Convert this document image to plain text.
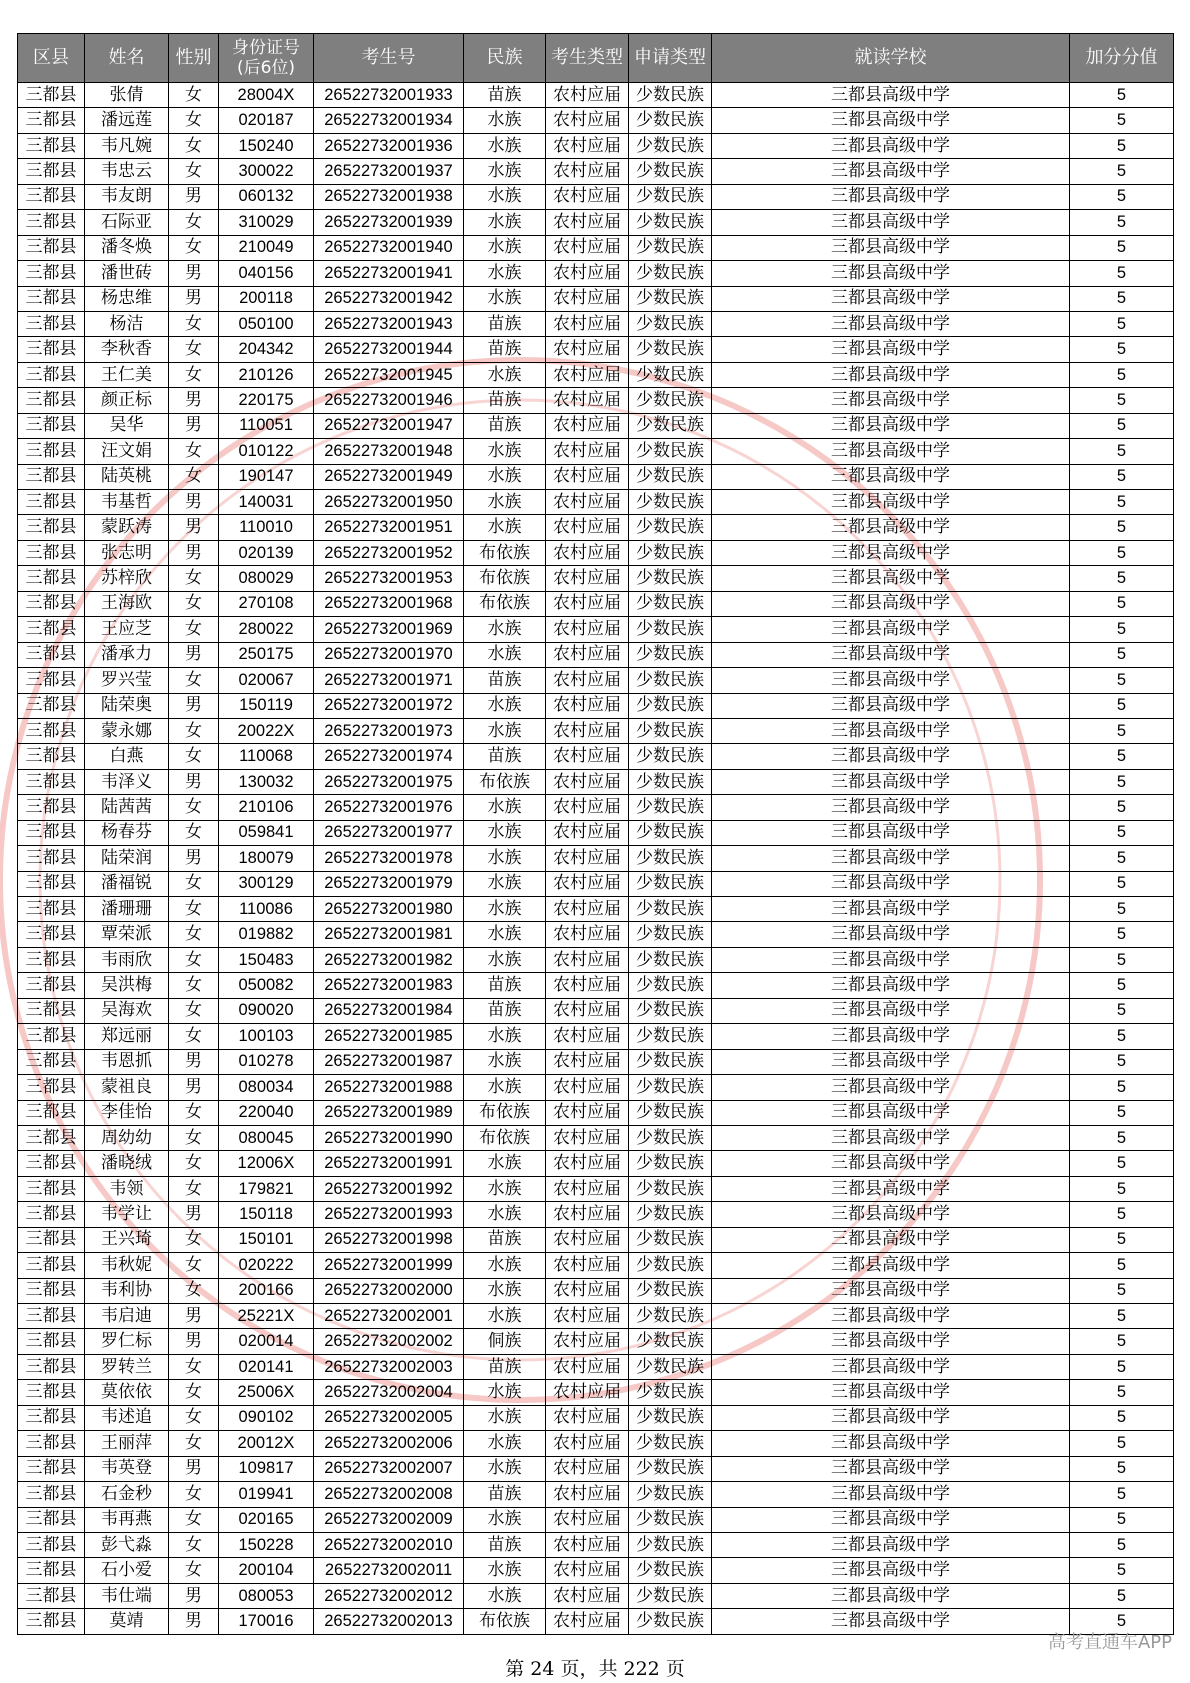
区县	姓名	性别	身份证号
(后6位)	考生号	民族	考生类型	申请类型	就读学校	加分分值
三都县	张倩	女	28004X	26522732001933	苗族	农村应届	少数民族	三都县高级中学	5
三都县	潘远莲	女	020187	26522732001934	水族	农村应届	少数民族	三都县高级中学	5
三都县	韦凡婉	女	150240	26522732001936	水族	农村应届	少数民族	三都县高级中学	5
三都县	韦忠云	女	300022	26522732001937	水族	农村应届	少数民族	三都县高级中学	5
三都县	韦友朗	男	060132	26522732001938	水族	农村应届	少数民族	三都县高级中学	5
三都县	石际亚	女	310029	26522732001939	水族	农村应届	少数民族	三都县高级中学	5
三都县	潘冬焕	女	210049	26522732001940	水族	农村应届	少数民族	三都县高级中学	5
三都县	潘世砖	男	040156	26522732001941	水族	农村应届	少数民族	三都县高级中学	5
三都县	杨忠维	男	200118	26522732001942	水族	农村应届	少数民族	三都县高级中学	5
三都县	杨洁	女	050100	26522732001943	苗族	农村应届	少数民族	三都县高级中学	5
三都县	李秋香	女	204342	26522732001944	苗族	农村应届	少数民族	三都县高级中学	5
三都县	王仁美	女	210126	26522732001945	水族	农村应届	少数民族	三都县高级中学	5
三都县	颜正标	男	220175	26522732001946	苗族	农村应届	少数民族	三都县高级中学	5
三都县	吴华	男	110051	26522732001947	苗族	农村应届	少数民族	三都县高级中学	5
三都县	汪文娟	女	010122	26522732001948	水族	农村应届	少数民族	三都县高级中学	5
三都县	陆英桃	女	190147	26522732001949	水族	农村应届	少数民族	三都县高级中学	5
三都县	韦基哲	男	140031	26522732001950	水族	农村应届	少数民族	三都县高级中学	5
三都县	蒙跃涛	男	110010	26522732001951	水族	农村应届	少数民族	三都县高级中学	5
三都县	张志明	男	020139	26522732001952	布依族	农村应届	少数民族	三都县高级中学	5
三都县	苏梓欣	女	080029	26522732001953	布依族	农村应届	少数民族	三都县高级中学	5
三都县	王海欧	女	270108	26522732001968	布依族	农村应届	少数民族	三都县高级中学	5
三都县	王应芝	女	280022	26522732001969	水族	农村应届	少数民族	三都县高级中学	5
三都县	潘承力	男	250175	26522732001970	水族	农村应届	少数民族	三都县高级中学	5
三都县	罗兴莹	女	020067	26522732001971	苗族	农村应届	少数民族	三都县高级中学	5
三都县	陆荣奥	男	150119	26522732001972	水族	农村应届	少数民族	三都县高级中学	5
三都县	蒙永娜	女	20022X	26522732001973	水族	农村应届	少数民族	三都县高级中学	5
三都县	白燕	女	110068	26522732001974	苗族	农村应届	少数民族	三都县高级中学	5
三都县	韦泽义	男	130032	26522732001975	布依族	农村应届	少数民族	三都县高级中学	5
三都县	陆茜茜	女	210106	26522732001976	水族	农村应届	少数民族	三都县高级中学	5
三都县	杨春芬	女	059841	26522732001977	水族	农村应届	少数民族	三都县高级中学	5
三都县	陆荣润	男	180079	26522732001978	水族	农村应届	少数民族	三都县高级中学	5
三都县	潘福锐	女	300129	26522732001979	水族	农村应届	少数民族	三都县高级中学	5
三都县	潘珊珊	女	110086	26522732001980	水族	农村应届	少数民族	三都县高级中学	5
三都县	覃荣派	女	019882	26522732001981	水族	农村应届	少数民族	三都县高级中学	5
三都县	韦雨欣	女	150483	26522732001982	水族	农村应届	少数民族	三都县高级中学	5
三都县	吴洪梅	女	050082	26522732001983	苗族	农村应届	少数民族	三都县高级中学	5
三都县	吴海欢	女	090020	26522732001984	苗族	农村应届	少数民族	三都县高级中学	5
三都县	郑远丽	女	100103	26522732001985	水族	农村应届	少数民族	三都县高级中学	5
三都县	韦恩抓	男	010278	26522732001987	水族	农村应届	少数民族	三都县高级中学	5
三都县	蒙祖良	男	080034	26522732001988	水族	农村应届	少数民族	三都县高级中学	5
三都县	李佳怡	女	220040	26522732001989	布依族	农村应届	少数民族	三都县高级中学	5
三都县	周幼幼	女	080045	26522732001990	布依族	农村应届	少数民族	三都县高级中学	5
三都县	潘晓绒	女	12006X	26522732001991	水族	农村应届	少数民族	三都县高级中学	5
三都县	韦领	女	179821	26522732001992	水族	农村应届	少数民族	三都县高级中学	5
三都县	韦学让	男	150118	26522732001993	水族	农村应届	少数民族	三都县高级中学	5
三都县	王兴琦	女	150101	26522732001998	苗族	农村应届	少数民族	三都县高级中学	5
三都县	韦秋妮	女	020222	26522732001999	水族	农村应届	少数民族	三都县高级中学	5
三都县	韦利协	女	200166	26522732002000	水族	农村应届	少数民族	三都县高级中学	5
三都县	韦启迪	男	25221X	26522732002001	水族	农村应届	少数民族	三都县高级中学	5
三都县	罗仁标	男	020014	26522732002002	侗族	农村应届	少数民族	三都县高级中学	5
三都县	罗转兰	女	020141	26522732002003	苗族	农村应届	少数民族	三都县高级中学	5
三都县	莫依依	女	25006X	26522732002004	水族	农村应届	少数民族	三都县高级中学	5
三都县	韦述追	女	090102	26522732002005	水族	农村应届	少数民族	三都县高级中学	5
三都县	王丽萍	女	20012X	26522732002006	水族	农村应届	少数民族	三都县高级中学	5
三都县	韦英登	男	109817	26522732002007	水族	农村应届	少数民族	三都县高级中学	5
三都县	石金秒	女	019941	26522732002008	苗族	农村应届	少数民族	三都县高级中学	5
三都县	韦再燕	女	020165	26522732002009	水族	农村应届	少数民族	三都县高级中学	5
三都县	彭弋淼	女	150228	26522732002010	苗族	农村应届	少数民族	三都县高级中学	5
三都县	石小爱	女	200104	26522732002011	水族	农村应届	少数民族	三都县高级中学	5
三都县	韦仕端	男	080053	26522732002012	水族	农村应届	少数民族	三都县高级中学	5
三都县	莫靖	男	170016	26522732002013	布依族	农村应届	少数民族	三都县高级中学	5
第 24 页，共 222 页
高考直通车APP
